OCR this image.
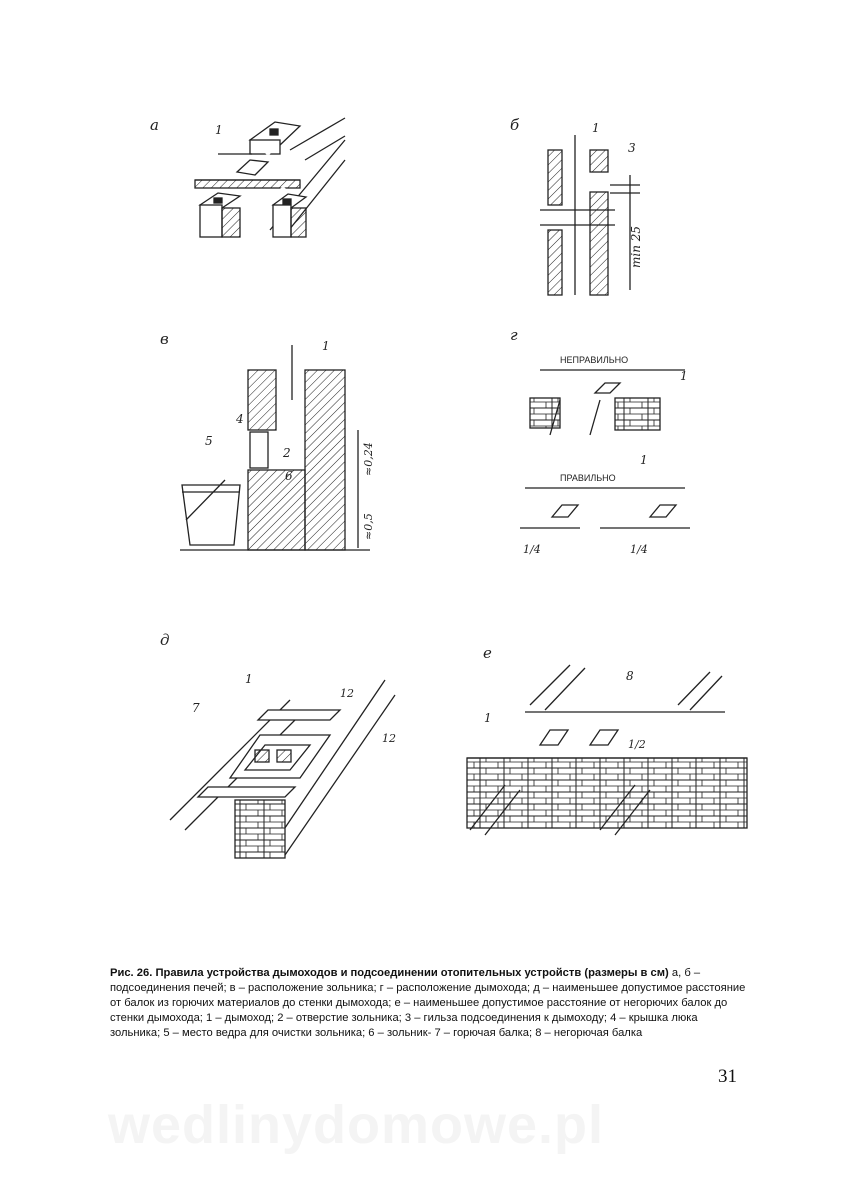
а	1	б	1
3
min 25
в	1
4
5
2	≈0,24
≈0,5
г
НЕПРАВИЛЬНО
1
ПРАВИЛЬНО
1
1/4	1/4
д
1
7
12
12
е
8
1
1/2
Рис. 26. Правила устройства дымоходов и подсоединении отопительных устройств (размеры в см) а, б – подсоединения печей; в – расположение зольника; г – расположение дымохода; д – наименьшее допустимое расстояние от балок из горючих материалов до стенки дымохода; е – наименьшее допустимое расстояние от негорючих балок до стенки дымохода; 1 – дымоход; 2 – отверстие зольника; 3 – гильза подсоединения к дымоходу; 4 – крышка люка зольника; 5 – место ведра для очистки зольника; 6 – зольник- 7 – горючая балка; 8 – негорючая балка
31
wedlinydomowe.pl
